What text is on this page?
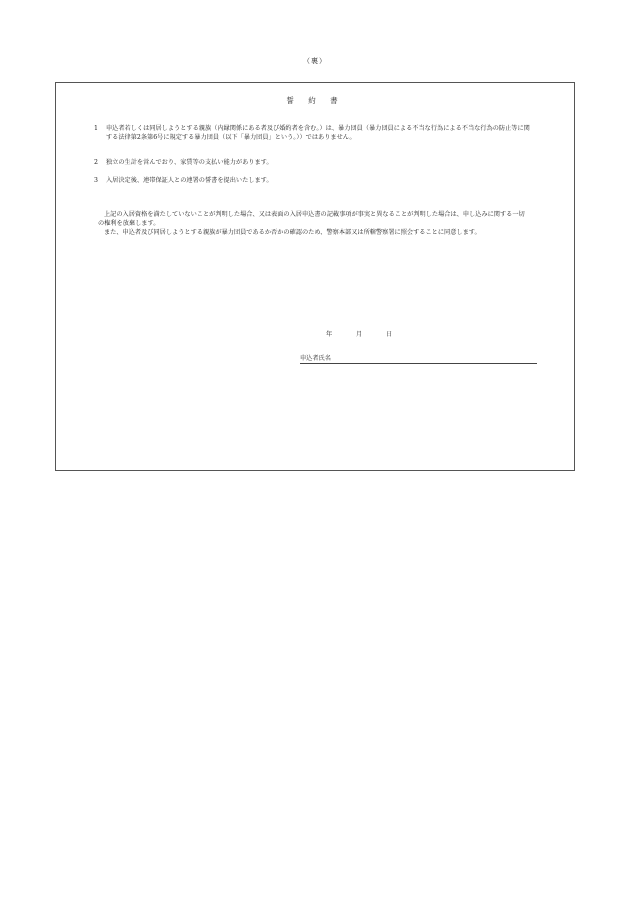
（裏）
誓 約 書
1 申込者若しくは同居しようとする親族（内縁関係にある者及び婚約者を含む。）は、暴力団員（暴力団員による不当な行為による不当な行為の防止等に関する法律第2条第6号に規定する暴力団員（以下「暴力団員」という。））ではありません。
2 独立の生計を営んでおり、家賃等の支払い能力があります。
3 入居決定後、連帯保証人との連署の誓書を提出いたします。
上記の入居資格を満たしていないことが判明した場合、又は表面の入居申込書の記載事項が事実と異なることが判明した場合は、申し込みに関する一切の権利を放棄します。
また、申込者及び同居しようとする親族が暴力団員であるか否かの確認のため、警察本部又は所轄警察署に照会することに同意します。
年	月	日
申込者氏名
